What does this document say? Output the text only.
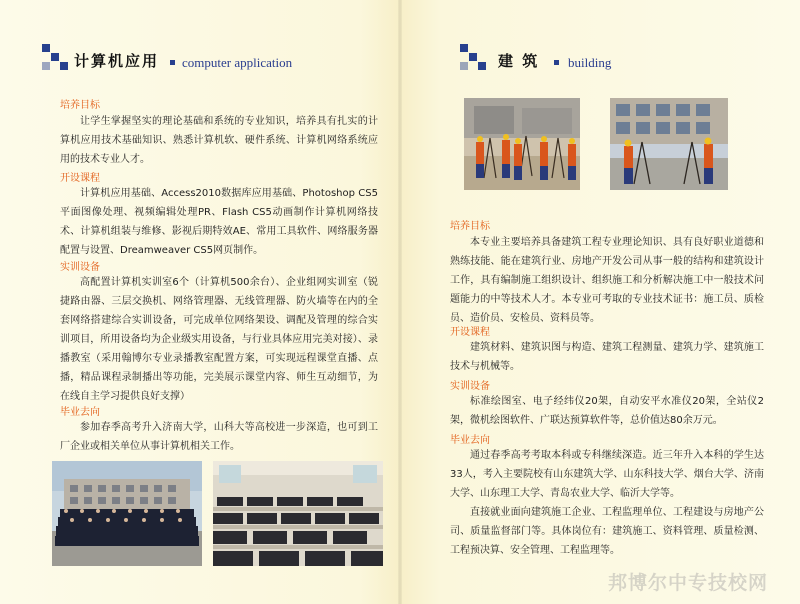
计算机应用 computer application
培养目标

让学生掌握坚实的理论基础和系统的专业知识，培养具有扎实的计算机应用技术基础知识、熟悉计算机软、硬件系统、计算机网络系统应用的技术专业人才。

开设课程

计算机应用基础、Access2010数据库应用基础、Photoshop CS5平面图像处理、视频编辑处理PR、Flash CS5动画制作计算机网络技术、计算机组装与维修、影视后期特效AE、常用工具软件、网络服务器配置与设置、Dreamweaver CS5网页制作。

实训设备

高配置计算机实训室6个（计算机500余台）、企业组网实训室（锐捷路由器、三层交换机、网络管理器、无线管理器、防火墙等在内的全套网络搭建综合实训设备，可完成单位网络架设、调配及管理的综合实训项目，所用设备均为企业级实用设备，与行业具体应用完美对接）、录播教室（采用翰博尔专业录播教室配置方案，可实现远程课堂直播、点播，精品课程录制播出等功能，完美展示课堂内容、师生互动细节，为在线自主学习提供良好支撑）

毕业去向

参加春季高考升入济南大学，山科大等高校进一步深造，也可到工厂企业或相关单位从事计算机相关工作。

建 筑 building
培养目标

本专业主要培养具备建筑工程专业理论知识、具有良好职业道德和熟练技能、能在建筑行业、房地产开发公司从事一般的结构和建筑设计工作，具有编制施工组织设计、组织施工和分析解决施工中一般技术问题能力的中等技术人才。本专业可考取的专业技术证书：施工员、质检员、造价员、安检员、资料员等。

开设课程

建筑材料、建筑识图与构造、建筑工程测量、建筑力学、建筑施工技术与机械等。

实训设备

标准绘图室、电子经纬仪20架，自动安平水准仪20架，全站仪2架，微机绘图软件、广联达预算软件等，总价值达80余万元。

毕业去向

通过春季高考考取本科或专科继续深造。近三年升入本科的学生达33人，考入主要院校有山东建筑大学、山东科技大学、烟台大学、济南大学、山东理工大学、青岛农业大学、临沂大学等。

直接就业面向建筑施工企业、工程监理单位、工程建设与房地产公司、质量监督部门等。具体岗位有：建筑施工、资料管理、质量检测、工程预决算、安全管理、工程监理等。

邦博尔中专技校网
